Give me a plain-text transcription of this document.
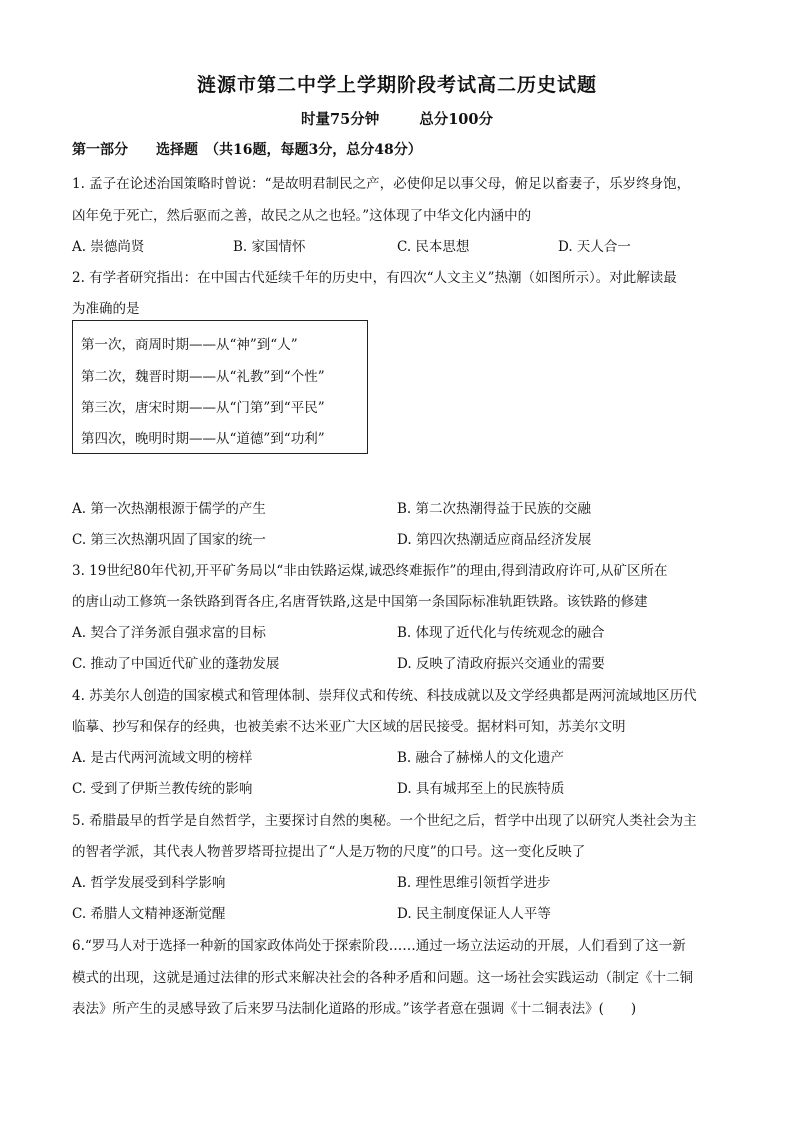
涟源市第二中学上学期阶段考试高二历史试题
时量75分钟	总分100分
第一部分　　选择题　（共16题，每题3分，总分48分）
1. 孟子在论述治国策略时曾说：“是故明君制民之产，必使仰足以事父母，俯足以畜妻子，乐岁终身饱，
凶年免于死亡，然后驱而之善，故民之从之也轻。”这体现了中华文化内涵中的
A. 崇德尚贤	B. 家国情怀	C. 民本思想	D. 天人合一
2. 有学者研究指出：在中国古代延续千年的历史中，有四次“人文主义”热潮（如图所示）。对此解读最
为准确的是
第一次，商周时期——从“神”到“人”
第二次，魏晋时期——从“礼教”到“个性”
第三次，唐宋时期——从“门第”到“平民”
第四次，晚明时期——从“道德”到“功利”
A. 第一次热潮根源于儒学的产生	B. 第二次热潮得益于民族的交融
C. 第三次热潮巩固了国家的统一	D. 第四次热潮适应商品经济发展
3. 19世纪80年代初,开平矿务局以“非由铁路运煤,诚恐终难振作”的理由,得到清政府许可,从矿区所在
的唐山动工修筑一条铁路到胥各庄,名唐胥铁路,这是中国第一条国际标准轨距铁路。该铁路的修建
A. 契合了洋务派自强求富的目标	B. 体现了近代化与传统观念的融合
C. 推动了中国近代矿业的蓬勃发展	D. 反映了清政府振兴交通业的需要
4. 苏美尔人创造的国家模式和管理体制、崇拜仪式和传统、科技成就以及文学经典都是两河流域地区历代
临摹、抄写和保存的经典，也被美索不达米亚广大区域的居民接受。据材料可知，苏美尔文明
A. 是古代两河流域文明的榜样	B. 融合了赫梯人的文化遗产
C. 受到了伊斯兰教传统的影响	D. 具有城邦至上的民族特质
5. 希腊最早的哲学是自然哲学，主要探讨自然的奥秘。一个世纪之后，哲学中出现了以研究人类社会为主
的智者学派，其代表人物普罗塔哥拉提出了“人是万物的尺度”的口号。这一变化反映了
A. 哲学发展受到科学影响	B. 理性思维引领哲学进步
C. 希腊人文精神逐渐觉醒	D. 民主制度保证人人平等
6.“罗马人对于选择一种新的国家政体尚处于探索阶段……通过一场立法运动的开展，人们看到了这一新
模式的出现，这就是通过法律的形式来解决社会的各种矛盾和问题。这一场社会实践运动（制定《十二铜
表法》所产生的灵感导致了后来罗马法制化道路的形成。”该学者意在强调《十二铜表法》(　　)
